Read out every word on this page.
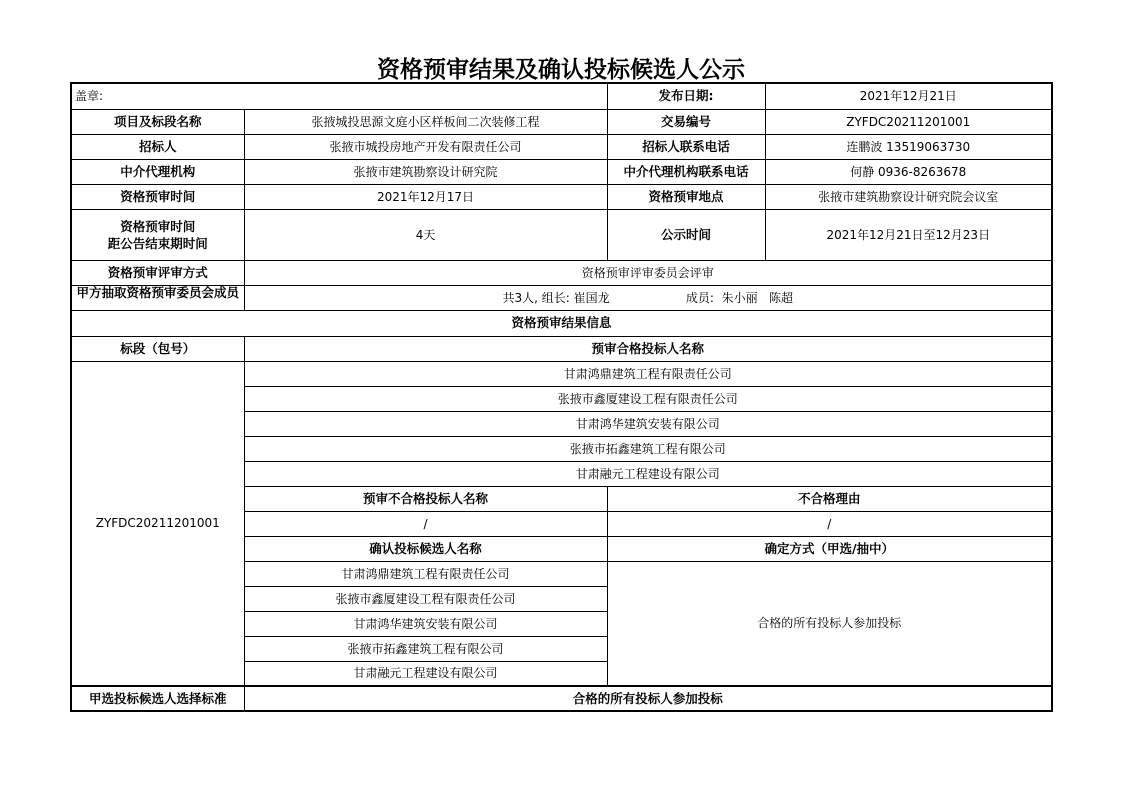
资格预审结果及确认投标候选人公示
盖章:		发布日期:	2021年12月21日
项目及标段名称	张掖城投思源文庭小区样板间二次装修工程	交易编号	ZYFDC20211201001
招标人	张掖市城投房地产开发有限责任公司	招标人联系电话	连鹏波 13519063730
中介代理机构	张掖市建筑勘察设计研究院	中介代理机构联系电话	何静 0936-8263678
资格预审时间	2021年12月17日	资格预审地点	张掖市建筑勘察设计研究院会议室

资格预审时间
距公告结束期时间	4天	公示时间	2021年12月21日至12月23日
资格预审评审方式	资格预审评审委员会评审		

甲方抽取资格预审委员会成员	共3人, 组长: 崔国龙                    成员:  朱小丽   陈超		
资格预审结果信息			
标段（包号）	预审合格投标人名称		
ZYFDC20211201001	甘肃鸿鼎建筑工程有限责任公司		
	张掖市鑫厦建设工程有限责任公司		
	甘肃鸿华建筑安装有限公司		
	张掖市拓鑫建筑工程有限公司		
	甘肃融元工程建设有限公司		
	预审不合格投标人名称	不合格理由	
	/	/	
	确认投标候选人名称	确定方式（甲选/抽中）	
	甘肃鸿鼎建筑工程有限责任公司	合格的所有投标人参加投标	
	张掖市鑫厦建设工程有限责任公司		
	甘肃鸿华建筑安装有限公司		
	张掖市拓鑫建筑工程有限公司		
	甘肃融元工程建设有限公司		
甲选投标候选人选择标准	合格的所有投标人参加投标		
